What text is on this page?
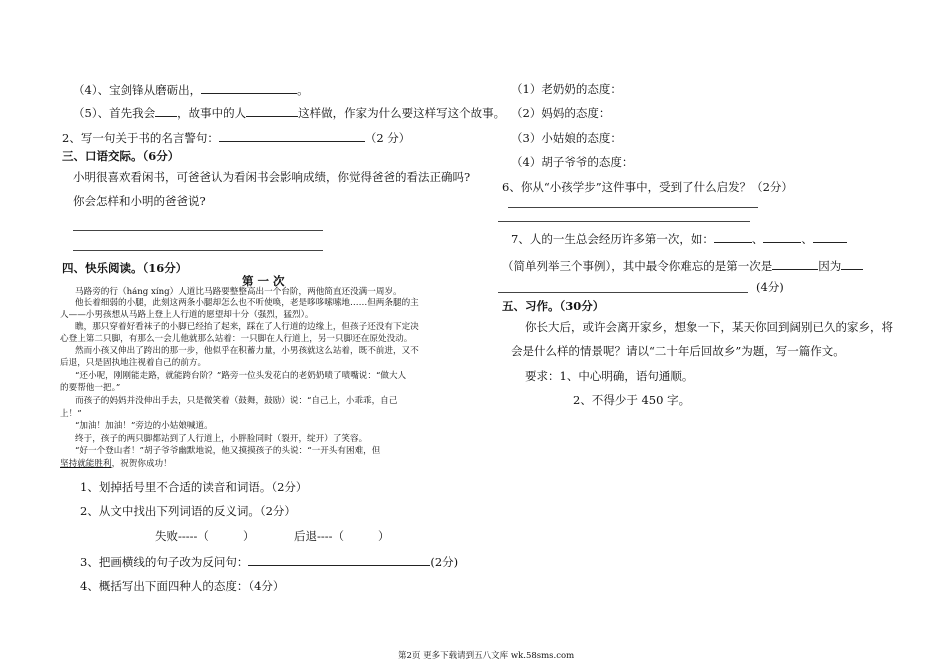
（4）、宝剑锋从磨砺出，	。
（5）、首先我会 ，故事中的人	这样做，作家为什么要这样写这个故事。
2、写一句关于书的名言警句：	（2 分）
三、口语交际。（6分）
小明很喜欢看闲书，可爸爸认为看闲书会影响成绩，你觉得爸爸的看法正确吗?
你会怎样和小明的爸爸说?
四、快乐阅读。（16分）
第 一 次
马路旁的行（háng xíng）人道比马路要整整高出一个台阶，两他简直还没满一周岁。
他长着细弱的小腿，此刻这两条小腿却怎么也不听使唤，老是哆哆嗦嗦地……但两条腿的主
人——小男孩想从马路上登上人行道的愿望却十分（强烈，猛烈）。
瞧，那只穿着好看袜子的小脚已经抬了起来，踩在了人行道的边缘上，但孩子还没有下定决
心登上第二只脚，有那么一会儿他就那么站着：一只脚在人行道上，另一只脚还在原处没动。
然而小孩又伸出了跨出的那一步，他似乎在积蓄力量，小男孩就这么站着，既不前进，又不
后退，只是固执地注视着自己的前方。
“还小呢，刚刚能走路，就能跨台阶？”路旁一位头发花白的老奶奶啧了啧嘴说：“做大人
的要帮他一把。”
而孩子的妈妈并没伸出手去，只是微笑着（鼓舞，鼓励）说：“自己上，小乖乖，自己
上！”
“加油！加油！”旁边的小姑娘喊道。
终于，孩子的两只脚都站到了人行道上，小胖脸同时（裂开，绽开）了笑容。
“好一个登山者！”胡子爷爷幽默地说，他又摸摸孩子的头说：“一开头有困难，但
坚持就能胜利，祝贺你成功！
1、划掉括号里不合适的读音和词语。（2分）
2、从文中找出下列词语的反义词。（2分）
失败-----（	）	后退----（	）
3、把画横线的句子改为反问句：	(2分)
4、概括写出下面四种人的态度：（4分）
（1）老奶奶的态度：
（2）妈妈的态度：
（3）小姑娘的态度：
（4）胡子爷爷的态度：
6、你从“小孩学步”这件事中，受到了什么启发？（2分）
7、人的一生总会经历许多第一次，如：	、	、
（简单列举三个事例），其中最令你难忘的是第一次是	因为
(4分)
五、习作。（30分）
你长大后，或许会离开家乡，想象一下，某天你回到阔别已久的家乡，将
会是什么样的情景呢？请以“二十年后回故乡”为题，写一篇作文。
要求：1、中心明确，语句通顺。
2、不得少于 450 字。
第2页 更多下载请到五八文库 wk.58sms.com
